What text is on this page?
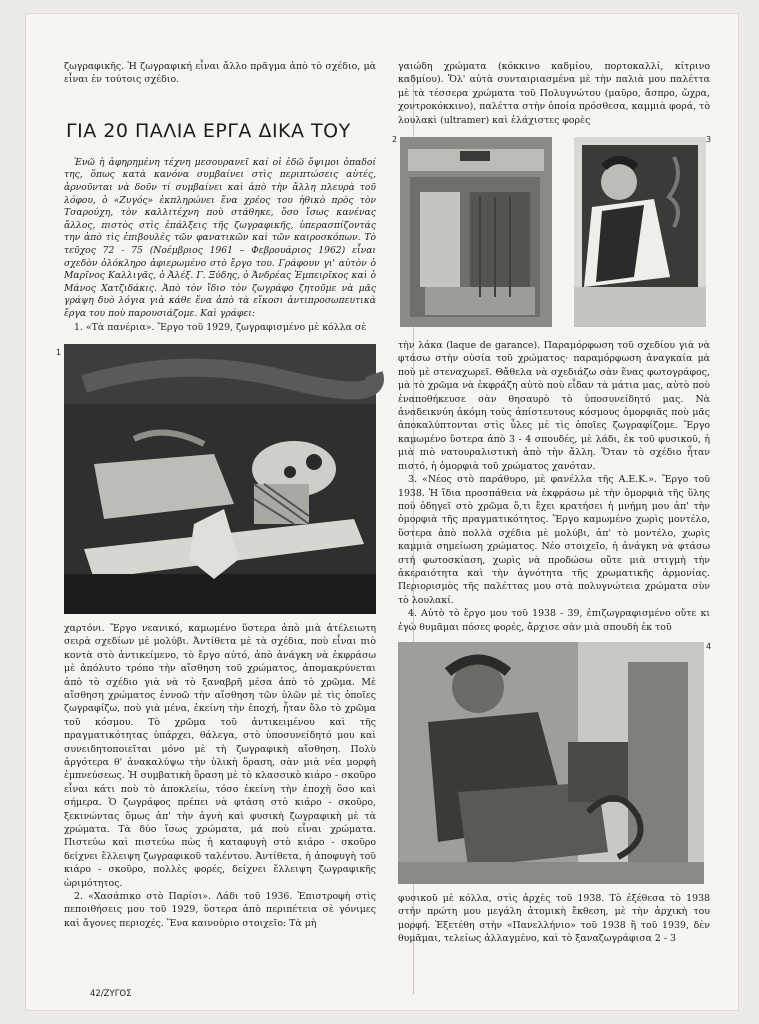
42/ΖΥΓΟΣ

ζωγραφικῆς. Ἡ ζωγραφική εἶναι ἄλλο πρᾶγμα ἀπὸ τὸ σχέδιο, μὰ εἶναι ἐν τούτοις σχέδιο.

ΓΙΑ 20 ΠΑΛΙΑ ΕΡΓΑ ΔΙΚΑ ΤΟΥ

Ἐνῶ ἡ ἀφηρημένη τέχνη μεσουρανεῖ καί οἱ ἐδῶ ὄψιμοι ὀπαδοί της, ὅπως κατὰ κανόνα συμβαίνει στὶς περιπτώσεις αὐτές, ἀρνοῦνται νὰ δοῦν τί συμβαίνει καὶ ἀπὸ τὴν ἄλλη πλευρὰ τοῦ λόφου, ὁ «Ζυγός» ἐκπληρώνει ἕνα χρέος του ἠθικὸ πρὸς τὸν Τσαρούχη, τὸν καλλιτέχνη ποὺ στάθηκε, ὅσο ἴσως κανένας ἄλλος, πιστὸς στὶς ἐπάλξεις τῆς ζωγραφικῆς, ὑπερασπίζοντάς την ἀπὸ τὶς ἐπιβουλὲς τῶν φανατικῶν καὶ τῶν καιροσκόπων. Τὸ τεῦχος 72 - 75 (Νοέμβριος 1961 – Φεβρουάριος 1962) εἶναι σχεδὸν ὁλόκληρο ἀφιερωμένο στὸ ἔργο του. Γράφουν γι' αὐτὸν ὁ Μαρῖνος Καλλιγᾶς, ὁ Ἀλέξ. Γ. Ξύδης, ὁ Ἀνδρέας Ἐμπειρῖκος καὶ ὁ Μάνος Χατζιδάκις. Ἀπὸ τὸν ἴδιο τὸν ζωγράφο ζητοῦμε νὰ μᾶς γράψη δυὸ λόγια γιὰ κάθε ἕνα ἀπὸ τὰ εἴκοσι ἀντιπροσωπευτικὰ ἔργα του ποὺ παρουσιάζομε. Καὶ γράφει:

1. «Τὰ πανέρια». Ἔργο τοῦ 1929, ζωγραφισμένο μὲ κόλλα σὲ

1

χαρτόνι. Ἔργο νεανικό, καμωμένο ὕστερα ἀπὸ μιὰ ἀτέλειωτη σειρὰ σχεδίων μὲ μολύβι. Ἀντίθετα μὲ τὰ σχέδια, ποὺ εἶναι πιὸ κοντὰ στὸ ἀντικείμενο, τὸ ἔργο αὐτό, ἀπὸ ἀνάγκη νὰ ἐκφράσω μὲ ἀπόλυτο τρόπο τὴν αἴσθηση τοῦ χρώματος, ἀπομακρύνεται ἀπὸ τὸ σχέδιο γιὰ νὰ τὸ ξαναβρῆ μέσα ἀπὸ τὸ χρῶμα. Μὲ αἴσθηση χρώματος ἐννοῶ τὴν αἴσθηση τῶν ὑλῶν μὲ τὶς ὁποῖες ζωγραφίζω, ποὺ γιὰ μένα, ἐκείνη τὴν ἐποχή, ἦταν ὅλο τὸ χρῶμα τοῦ κόσμου. Τὸ χρῶμα τοῦ ἀντικειμένου καὶ τῆς πραγματικότητας ὑπάρχει, θάλεγα, στὸ ὑποσυνείδητό μου καὶ συνειδητοποιεῖται μόνο μὲ τὴ ζωγραφικὴ αἴσθηση. Πολὺ ἀργότερα θ' ἀνακαλύψω τὴν ὑλικὴ ὅραση, σὰν μιὰ νέα μορφὴ ἐμπνεύσεως. Ἡ συμβατικὴ ὅραση μὲ τὸ κλασσικὸ κιάρο - σκοῦρο εἶναι κάτι ποὺ τὸ ἀποκλείω, τόσο ἐκείνη τὴν ἐποχὴ ὅσο καὶ σήμερα. Ὁ ζωγράφος πρέπει νὰ φτάση στὸ κιάρο - σκοῦρο, ξεκινώντας ὅμως ἀπ' τὴν ἁγνὴ καὶ φυσικὴ ζωγραφικὴ μὲ τὰ χρώματα. Τὰ δύο ἴσως χρώματα, μά ποὺ εἶναι χρώματα. Πιστεύω καὶ πιστεύω πὼς ἡ καταφυγὴ στὸ κιάρο - σκοῦρο δείχνει ἔλλειψη ζωγραφικοῦ ταλέντου. Ἀντίθετα, ἡ ἀποφυγὴ τοῦ κιάρο - σκοῦρο, πολλὲς φορές, δείχνει ἔλλειψη ζωγραφικῆς ὡριμότητος.

2. «Χασάπικο στὸ Παρίσι». Λάδι τοῦ 1936. Ἐπιστροφὴ στὶς πεποιθήσεις μου τοῦ 1929, ὕστερα ἀπὸ περιπέτεια σὲ γόνιμες καὶ ἄγονες περιοχές. Ἕνα καινούριο στοιχεῖο: Τὰ μὴ

γαιώδη χρώματα (κόκκινο καδμίου, πορτοκαλλί, κίτρινο καδμίου). Ὅλ' αὐτὰ συνταιριασμένα μὲ τὴν παλιὰ μου παλέττα μὲ τὰ τέσσερα χρώματα τοῦ Πολυγνώτου (μαῦρο, ἄσπρο, ὤχρα, χοντροκόκκινο), παλέττα στὴν ὁποία πρόσθεσα, καμμιὰ φορά, τὸ λουλακὶ (ultramer) καὶ ἐλάχιστες φορὲς

2	3

τὴν λάκα (laque de garance). Παραμόρφωση τοῦ σχεδίου γιὰ νὰ φτάσω στὴν οὐσία τοῦ χρώματος· παραμόρφωση ἀναγκαία μὰ ποὺ μὲ στεναχωρεῖ. Θἄθελα νὰ σχεδιάζω σὰν ἕνας φωτογράφος, μὰ τὸ χρῶμα νὰ ἐκφράζη αὐτὸ ποὺ εἶδαν τὰ μάτια μας, αὐτὸ ποὺ ἐναποθήκευσε σὰν θησαυρὸ τὸ ὑποσυνείδητό μας. Νὰ ἀναδεικνύη ἀκόμη τοὺς ἀπίστευτους κόσμους ὀμορφιᾶς ποὺ μᾶς ἀποκαλύπτονται στὶς ὗλες μὲ τὶς ὁποῖες ζωγραφίζομε. Ἔργο καμωμένο ὕστερα ἀπὸ 3 - 4 σπουδές, μὲ λάδι, ἐκ τοῦ φυσικοῦ, ἡ μιὰ πιὸ νατουραλιστικὴ ἀπὸ τὴν ἄλλη. Ὅταν τὸ σχέδιο ἦταν πιστό, ἡ ὀμορφιὰ τοῦ χρώματος χανόταν.

3. «Νέος στὸ παράθυρο, μὲ φανέλλα τῆς Α.Ε.Κ.». Ἔργο τοῦ 1938. Ἡ ἴδια προσπάθεια νὰ ἐκφράσω μὲ τὴν ὀμορφιὰ τῆς ὕλης ποὺ ὁδηγεῖ στὸ χρῶμα ὅ,τι ἔχει κρατήσει ἡ μνήμη μου ἀπ' τὴν ὀμορφιὰ τῆς πραγματικότητος. Ἔργο καμωμένο χωρὶς μοντέλο, ὕστερα ἀπὸ πολλὰ σχέδια μὲ μολύβι, ἀπ' τὸ μοντέλο, χωρὶς καμμιὰ σημείωση χρώματος. Νέο στοιχεῖο, ἡ ἀνάγκη νὰ φτάσω στὴ φωτοσκίαση, χωρὶς νὰ προδώσω οὔτε μιὰ στιγμὴ τὴν ἀκεραιότητα καὶ τὴν ἁγνότητα τῆς χρωματικῆς ἁρμονίας. Περιορισμὸς τῆς παλέττας μου στὰ πολυγνώτεια χρώματα σὺν τὸ λουλακί.

4. Αὐτὸ τὸ ἔργο μου τοῦ 1938 - 39, ἐπιζωγραφισμένο οὔτε κι ἐγὼ θυμᾶμαι πόσες φορές, ἄρχισε σὰν μιὰ σπουδὴ ἐκ τοῦ

4

φυσικοῦ μὲ κόλλα, στὶς ἀρχὲς τοῦ 1938. Τὸ ἐξέθεσα τὸ 1938 στὴν πρώτη μου μεγάλη ἀτομικὴ ἔκθεση, μὲ τὴν ἀρχικὴ του μορφή. Ἐξετέθη στὴν «Πανελλήνιο» τοῦ 1938 ἢ τοῦ 1939, δὲν θυμᾶμαι, τελείως ἀλλαγμένο, καὶ τὸ ξαναζωγράφισα 2 - 3
